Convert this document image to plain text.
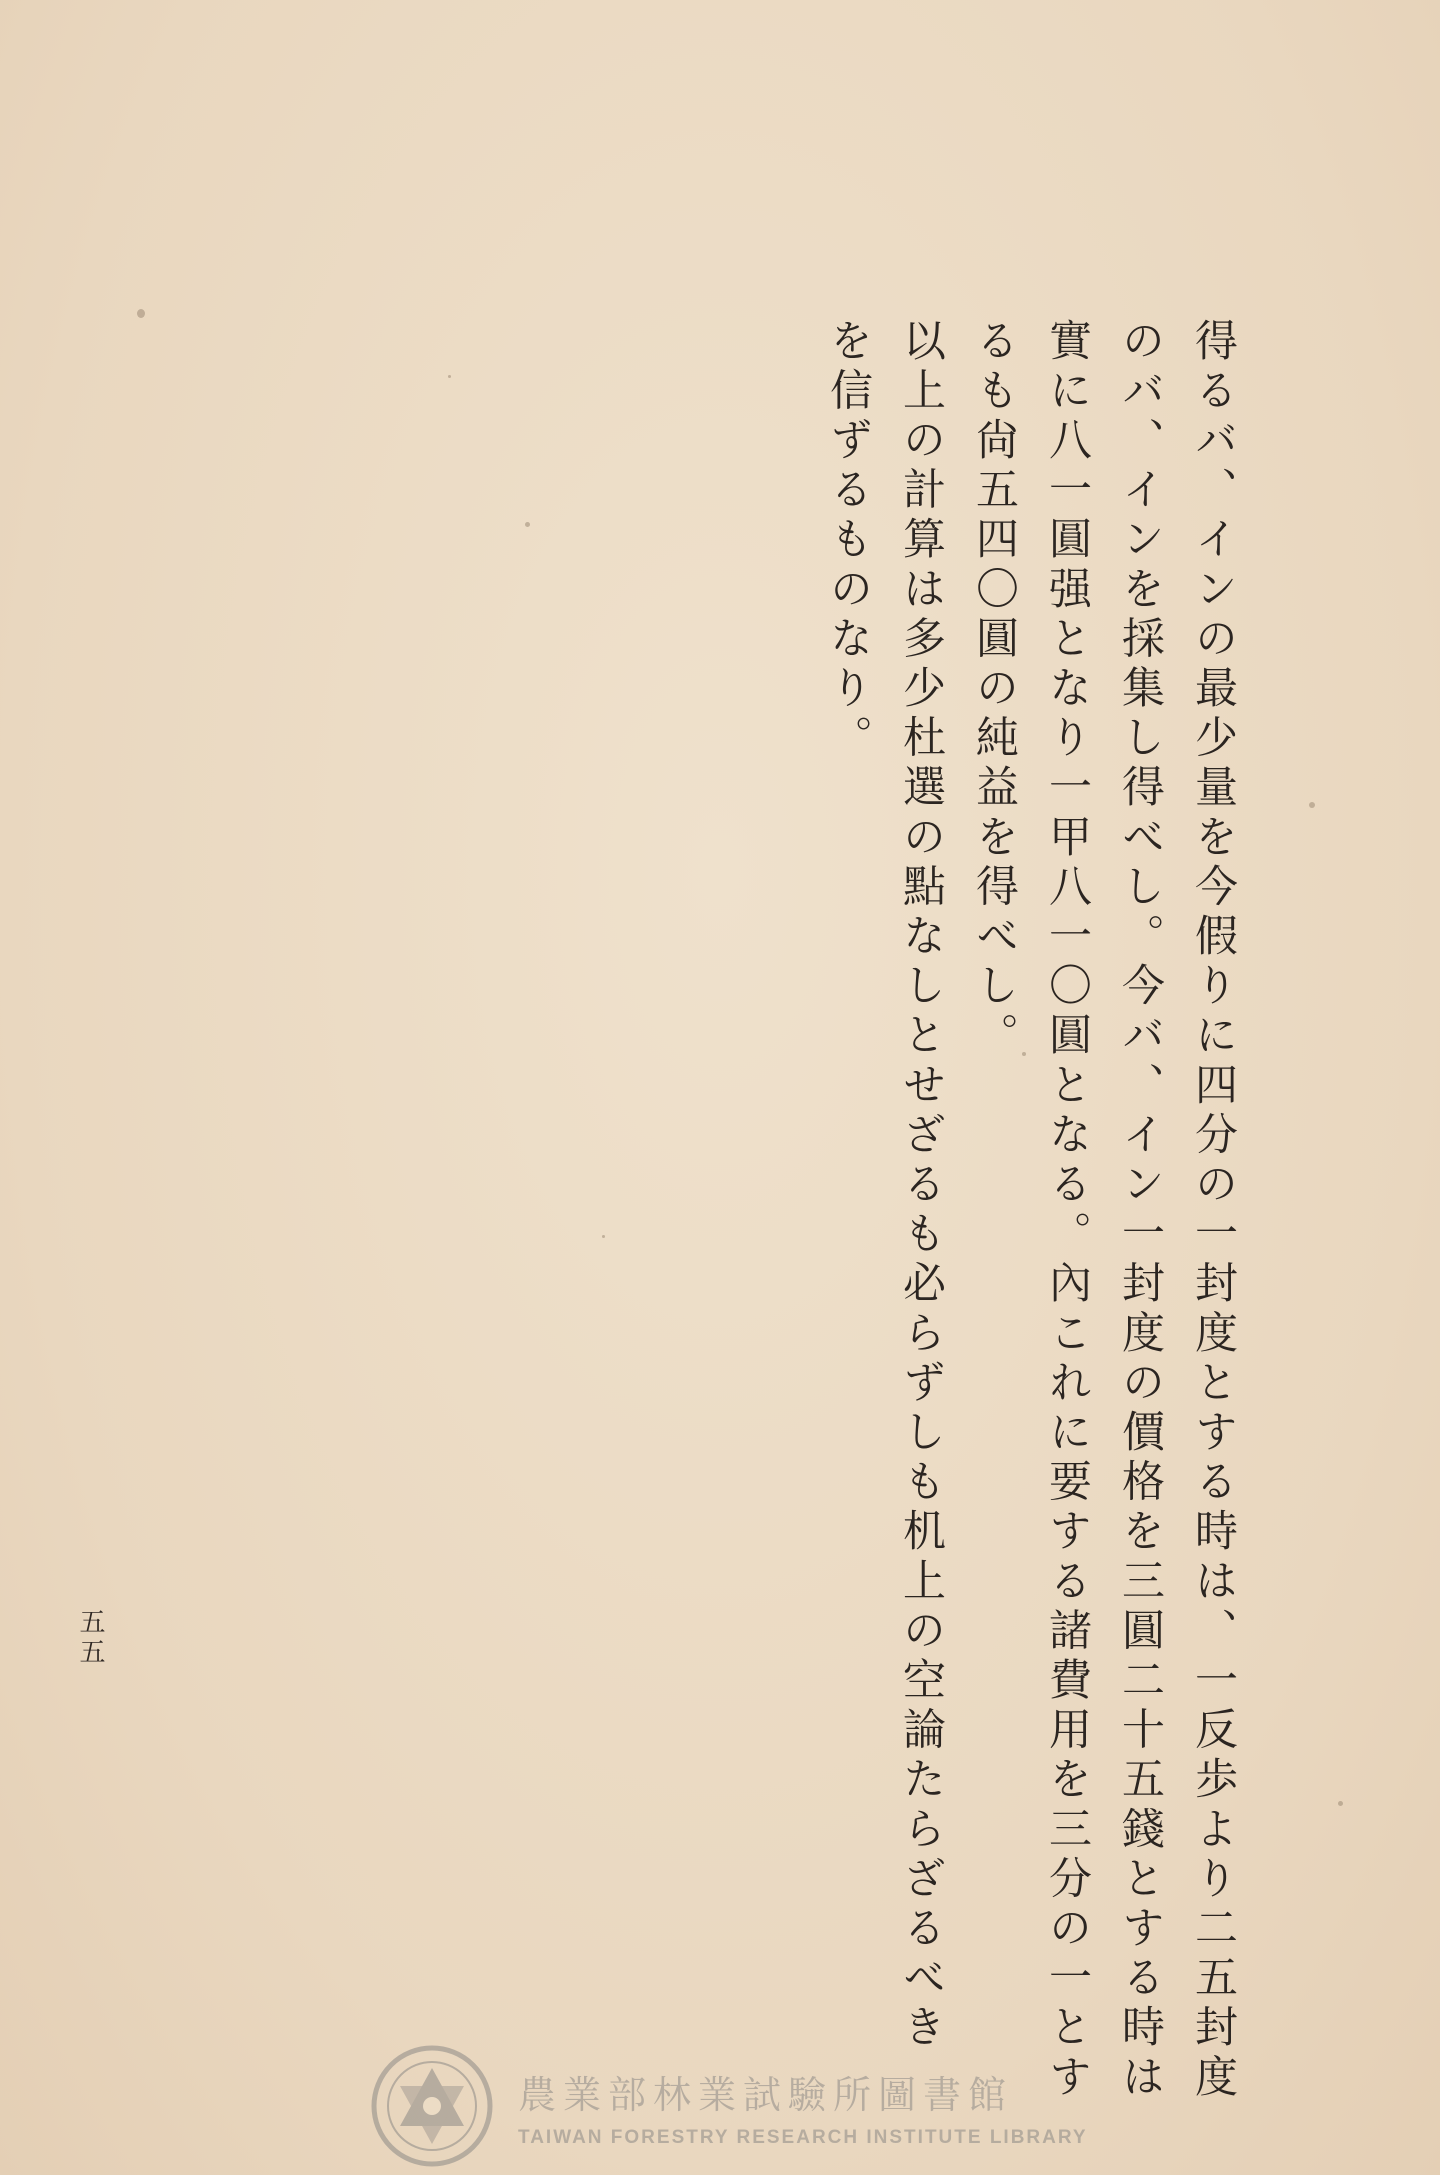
得るバ、インの最少量を今假りに四分の一封度とする時は、一反歩より二五封度
のバ、インを採集し得べし。今バ、イン一封度の價格を三圓二十五錢とする時は
實に八一圓强となり一甲八一〇圓となる。內これに要する諸費用を三分の一とす
るも尙五四〇圓の純益を得べし。
以上の計算は多少杜選の點なしとせざるも必らずしも机上の空論たらざるべき
を信ずるものなり。
五五
農業部林業試驗所圖書館
TAIWAN FORESTRY RESEARCH INSTITUTE LIBRARY
